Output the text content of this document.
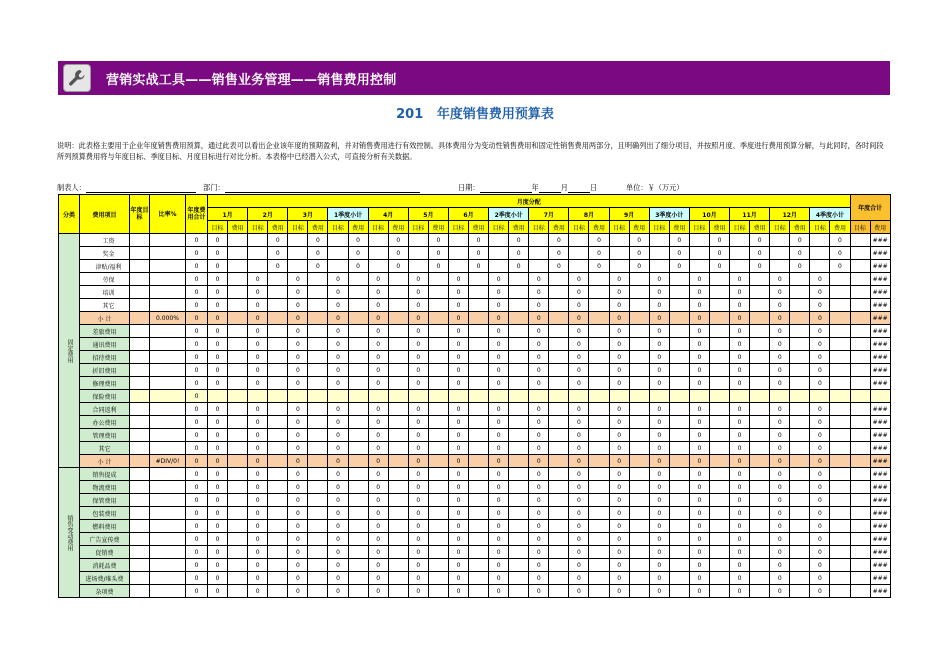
营销实战工具——销售业务管理——销售费用控制
201   年度销售费用预算表
说明：此表格主要用于企业年度销售费用预算，通过此表可以看出企业该年度的预期盈利，并对销售费用进行有效控制。具体费用分为变动性销售费用和固定性销售费用两部分，且明确列出了细分项目，并按照月度、季度进行费用预算分解，与此同时，各时间段所列预算费用将与年度目标、季度目标、月度目标进行对比分析。本表格中已经潜入公式，可直接分析有关数据。
制表人：	部门：	日期：	年	月	日	单位：￥（万元）
分类	费用项目	年度目标	比率%	年度费用合计	月度分配																																年度合计	
					1月		2月		3月		1季度小计		4月		5月		6月		2季度小计		7月		8月		9月		3季度小计		10月		11月		12月		4季度小计			
					目标	费用	目标	费用	目标	费用	目标	费用	目标	费用	目标	费用	目标	费用	目标	费用	目标	费用	目标	费用	目标	费用	目标	费用	目标	费用	目标	费用	目标	费用	目标	费用	目标	费用
固定费用	工资			0	0			0		0		0		0		0		0		0		0		0		0		0		0		0		0		0		###
	奖金			0	0			0		0		0		0		0		0		0		0		0		0		0		0		0		0		0		###
	津贴/福利			0	0			0		0		0		0		0		0		0		0		0		0		0		0		0		0		0		###
	劳保			0	0		0		0		0		0		0		0		0		0		0		0		0		0		0		0		0			###
	培训			0	0		0		0		0		0		0		0		0		0		0		0		0		0		0		0		0			###
	其它			0	0		0		0		0		0		0		0		0		0		0		0		0		0		0		0		0			###
	小 计		0.000%	0	0		0		0		0		0		0		0		0		0		0		0		0		0		0		0		0			###
	差旅费用			0	0		0		0		0		0		0		0		0		0		0		0		0		0		0		0		0			###
	通讯费用			0	0		0		0		0		0		0		0		0		0		0		0		0		0		0		0		0			###
	招待费用			0	0		0		0		0		0		0		0		0		0		0		0		0		0		0		0		0			###
	折旧费用			0	0		0		0		0		0		0		0		0		0		0		0		0		0		0		0		0			###
	修理费用			0	0		0		0		0		0		0		0		0		0		0		0		0		0		0		0		0			###
	保险费用			0																																		
	合同返利			0	0		0		0		0		0		0		0		0		0		0		0		0		0		0		0		0			###
	办公费用			0	0		0		0		0		0		0		0		0		0		0		0		0		0		0		0		0			###
	管理费用			0	0		0		0		0		0		0		0		0		0		0		0		0		0		0		0		0			###
	其它			0	0		0		0		0		0		0		0		0		0		0		0		0		0		0		0		0			###
	小 计		#DIV/0!	0	0		0		0		0		0		0		0		0		0		0		0		0		0		0		0		0			###
销售变动费用	销售提成			0	0		0		0		0		0		0		0		0		0		0		0		0		0		0		0		0			###
	物流费用			0	0		0		0		0		0		0		0		0		0		0		0		0		0		0		0		0			###
	保管费用			0	0		0		0		0		0		0		0		0		0		0		0		0		0		0		0		0			###
	包装费用			0	0		0		0		0		0		0		0		0		0		0		0		0		0		0		0		0			###
	燃料费用			0	0		0		0		0		0		0		0		0		0		0		0		0		0		0		0		0			###
	广告宣传费			0	0		0		0		0		0		0		0		0		0		0		0		0		0		0		0		0			###
	促销费			0	0		0		0		0		0		0		0		0		0		0		0		0		0		0		0		0			###
	消耗品费			0	0		0		0		0		0		0		0		0		0		0		0		0		0		0		0		0			###
	进场费/堆头费			0	0		0		0		0		0		0		0		0		0		0		0		0		0		0		0		0			###
	杂项费			0	0		0		0		0		0		0		0		0		0		0		0		0		0		0		0		0			###
